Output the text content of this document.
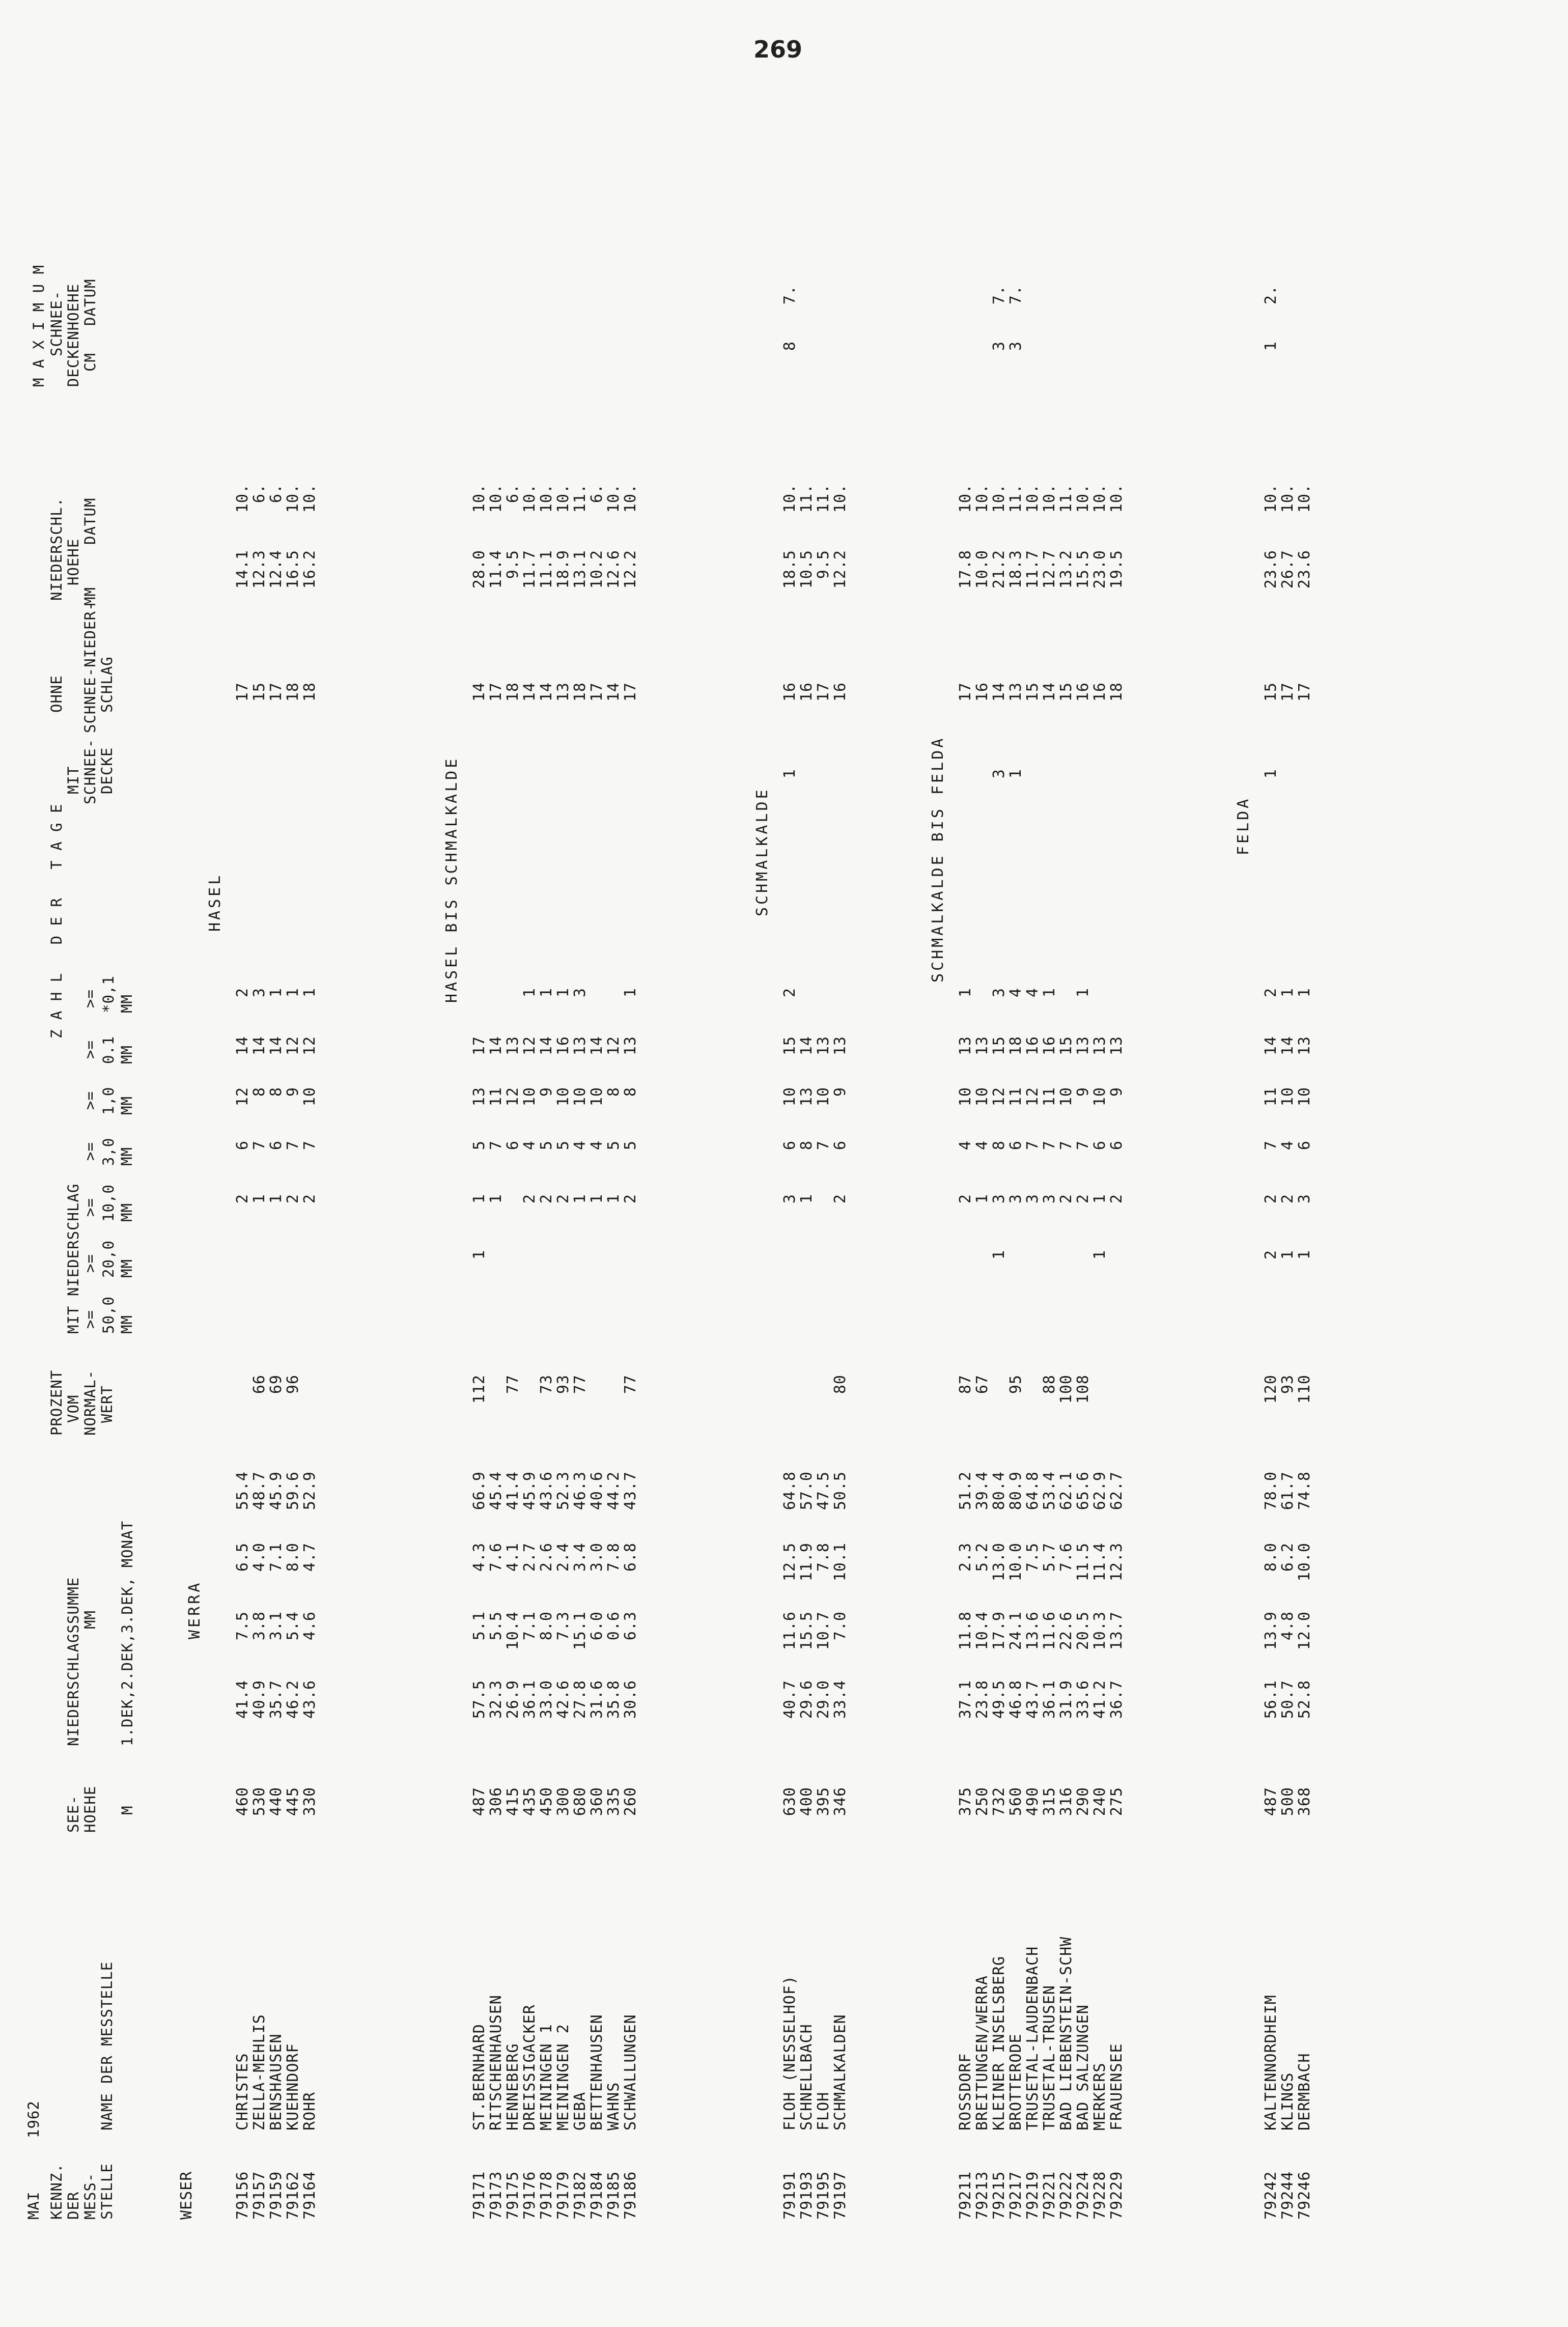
269
MAI
1962
KENNZ. DER MESS- STELLE
NAME DER MESSTELLE
SEE- HOEHE M
NIEDERSCHLAGSSUMME MM 1.DEK,2.DEK,3.DEK, MONAT
PROZENT VOM NORMAL- WERT
Z A H L   D E R   T A G E
MIT NIEDERSCHLAG >= 50,0 MM
>= 20,0 MM
>= 10,0 MM
>= 3,0 MM
>= 1,0 MM
>= 0.1 MM
>= *0,1 MM
MIT SCHNEE- DECKE
OHNE SCHNEE-NIEDER- SCHLAG
M A X I M U M
NIEDERSCHL. HOEHE
MM
DATUM
SCHNEE- DECKENHOEHE CM
DATUM
WESER
WERRA
HASEL
79156
CHRISTES
460
41.4
7.5
6.5
55.4
2
6
12
14
2
17
14.1
10.
79157
ZELLA-MEHLIS
530
40.9
3.8
4.0
48.7
66
1
7
8
14
3
15
12.3
6.
79159
BENSHAUSEN
440
35.7
3.1
7.1
45.9
69
1
6
8
14
1
17
12.4
6.
79162
KUEHNDORF
445
46.2
5.4
8.0
59.6
96
2
7
9
12
1
18
16.5
10.
79164
ROHR
330
43.6
4.6
4.7
52.9
2
7
10
12
1
18
16.2
10.
HASEL BIS SCHMALKALDE
79171
ST.BERNHARD
487
57.5
5.1
4.3
66.9
112
1
1
5
13
17
14
28.0
10.
79173
RITSCHENHAUSEN
306
32.3
5.5
7.6
45.4
1
7
11
14
17
11.4
10.
79175
HENNEBERG
415
26.9
10.4
4.1
41.4
77
6
12
13
18
9.5
6.
79176
DREISSIGACKER
435
36.1
7.1
2.7
45.9
2
4
10
12
1
14
11.7
10.
79178
MEININGEN 1
450
33.0
8.0
2.6
43.6
73
2
5
9
14
1
14
11.1
10.
79179
MEININGEN 2
300
42.6
7.3
2.4
52.3
93
2
5
10
16
1
13
18.9
10.
79182
GEBA
680
27.8
15.1
3.4
46.3
77
1
4
10
13
3
18
13.1
11.
79184
BETTENHAUSEN
360
31.6
6.0
3.0
40.6
1
4
10
14
17
10.2
6.
79185
WAHNS
335
35.8
0.6
7.8
44.2
1
5
8
12
14
12.6
10.
79186
SCHWALLUNGEN
260
30.6
6.3
6.8
43.7
77
2
5
8
13
1
17
12.2
10.
SCHMALKALDE
79191
FLOH (NESSELHOF)
630
40.7
11.6
12.5
64.8
3
6
10
15
2
1
16
18.5
10.
8
7.
79193
SCHNELLBACH
400
29.6
15.5
11.9
57.0
1
8
13
14
16
10.5
11.
79195
FLOH
395
29.0
10.7
7.8
47.5
7
10
13
17
9.5
11.
79197
SCHMALKALDEN
346
33.4
7.0
10.1
50.5
80
2
6
9
13
16
12.2
10.
SCHMALKALDE BIS FELDA
79211
ROSSDORF
375
37.1
11.8
2.3
51.2
87
2
4
10
13
1
17
17.8
10.
79213
BREITUNGEN/WERRA
250
23.8
10.4
5.2
39.4
67
1
4
10
13
16
10.0
10.
79215
KLEINER INSELSBERG
732
49.5
17.9
13.0
80.4
1
3
8
12
15
3
3
14
21.2
10.
3
7.
79217
BROTTERODE
560
46.8
24.1
10.0
80.9
95
3
6
11
18
4
1
13
18.3
11.
3
7.
79219
TRUSETAL-LAUDENBACH
490
43.7
13.6
7.5
64.8
3
7
12
16
4
15
11.7
10.
79221
TRUSETAL-TRUSEN
315
36.1
11.6
5.7
53.4
88
3
7
11
16
1
14
12.7
10.
79222
BAD LIEBENSTEIN-SCHW
316
31.9
22.6
7.6
62.1
100
2
7
10
15
15
13.2
11.
79224
BAD SALZUNGEN
290
33.6
20.5
11.5
65.6
108
2
7
9
13
1
16
15.5
10.
79228
MERKERS
240
41.2
10.3
11.4
62.9
1
1
6
10
13
16
23.0
10.
79229
FRAUENSEE
275
36.7
13.7
12.3
62.7
2
6
9
13
18
19.5
10.
FELDA
79242
KALTENNORDHEIM
487
56.1
13.9
8.0
78.0
120
2
2
7
11
14
2
1
15
23.6
10.
1
2.
79244
KLINGS
500
50.7
4.8
6.2
61.7
93
1
2
4
10
14
1
17
26.7
10.
79246
DERMBACH
368
52.8
12.0
10.0
74.8
110
1
3
6
10
13
1
17
23.6
10.
